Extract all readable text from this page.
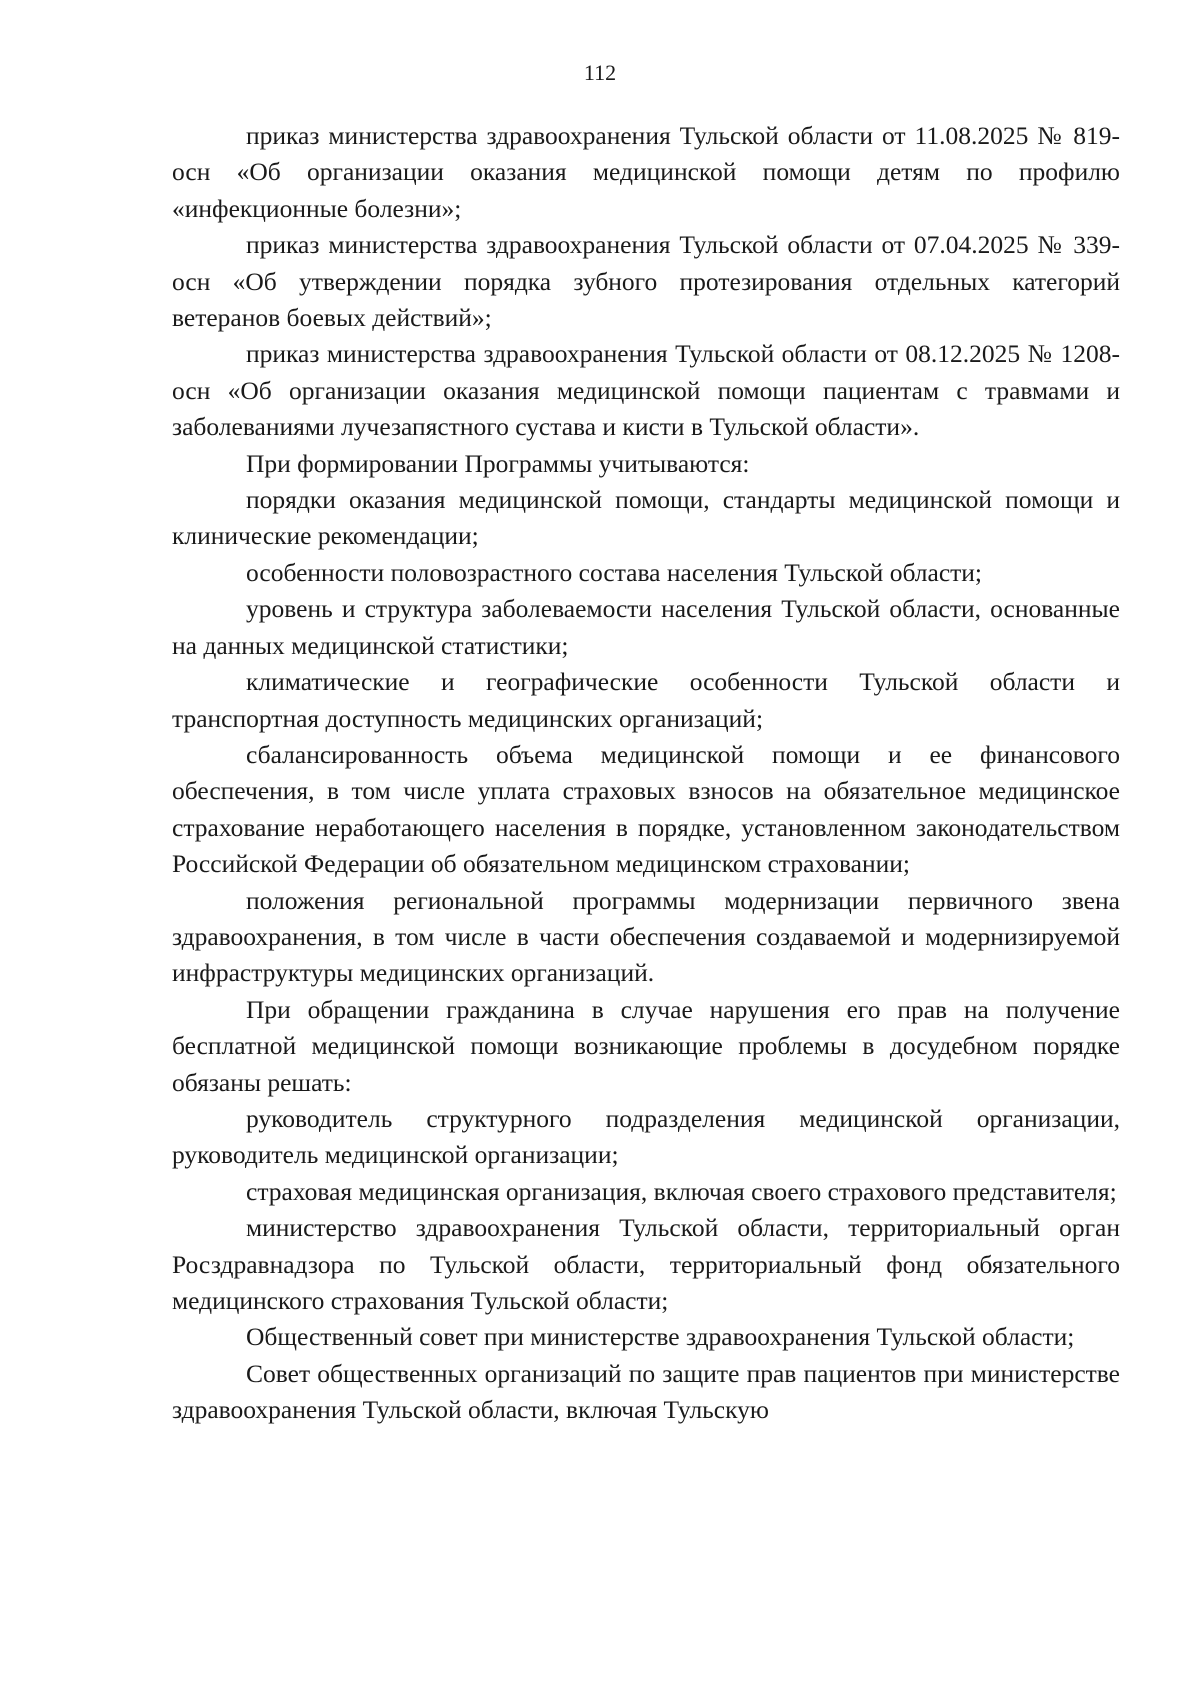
112

приказ министерства здравоохранения Тульской области от 11.08.2025 № 819-осн «Об организации оказания медицинской помощи детям по профилю «инфекционные болезни»;

приказ министерства здравоохранения Тульской области от 07.04.2025 № 339-осн «Об утверждении порядка зубного протезирования отдельных категорий ветеранов боевых действий»;

приказ министерства здравоохранения Тульской области от 08.12.2025 № 1208-осн «Об организации оказания медицинской помощи пациентам с травмами и заболеваниями лучезапястного сустава и кисти в Тульской области».

При формировании Программы учитываются:

порядки оказания медицинской помощи, стандарты медицинской помощи и клинические рекомендации;

особенности половозрастного состава населения Тульской области;

уровень и структура заболеваемости населения Тульской области, основанные на данных медицинской статистики;

климатические и географические особенности Тульской области и транспортная доступность медицинских организаций;

сбалансированность объема медицинской помощи и ее финансового обеспечения, в том числе уплата страховых взносов на обязательное медицинское страхование неработающего населения в порядке, установленном законодательством Российской Федерации об обязательном медицинском страховании;

положения региональной программы модернизации первичного звена здравоохранения, в том числе в части обеспечения создаваемой и модернизируемой инфраструктуры медицинских организаций.

При обращении гражданина в случае нарушения его прав на получение бесплатной медицинской помощи возникающие проблемы в досудебном порядке обязаны решать:

руководитель структурного подразделения медицинской организации, руководитель медицинской организации;

страховая медицинская организация, включая своего страхового представителя;

министерство здравоохранения Тульской области, территориальный орган Росздравнадзора по Тульской области, территориальный фонд обязательного медицинского страхования Тульской области;

Общественный совет при министерстве здравоохранения Тульской области;

Совет общественных организаций по защите прав пациентов при министерстве здравоохранения Тульской области, включая Тульскую
